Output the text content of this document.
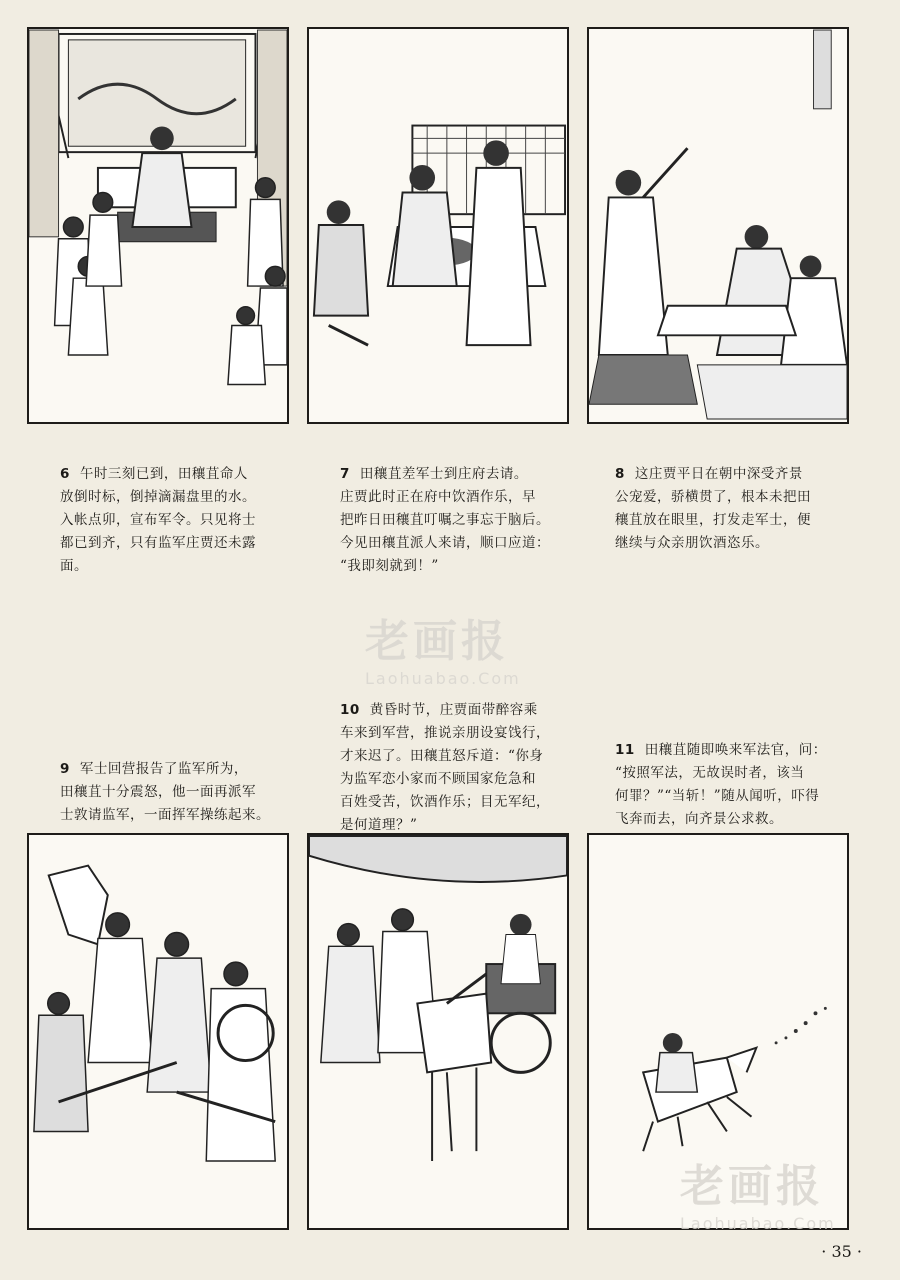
6 午时三刻已到，田穰苴命人
放倒时标，倒掉滴漏盘里的水。
入帐点卯，宣布军令。只见将士
都已到齐，只有监军庄贾还未露
面。

7 田穰苴差军士到庄府去请。
庄贾此时正在府中饮酒作乐，早
把昨日田穰苴叮嘱之事忘于脑后。
今见田穰苴派人来请，顺口应道：
“我即刻就到！”

8 这庄贾平日在朝中深受齐景
公宠爱，骄横贯了，根本未把田
穰苴放在眼里，打发走军士，便
继续与众亲朋饮酒恣乐。

9 军士回营报告了监军所为，
田穰苴十分震怒，他一面再派军
士敦请监军，一面挥军操练起来。

10 黄昏时节，庄贾面带醉容乘
车来到军营，推说亲朋设宴饯行，
才来迟了。田穰苴怒斥道：“你身
为监军恋小家而不顾国家危急和
百姓受苦，饮酒作乐；目无军纪，
是何道理？”

11 田穰苴随即唤来军法官，问：
“按照军法，无故误时者，该当
何罪？”“当斩！”随从闻听，吓得
飞奔而去，向齐景公求救。

老画报
Laohuabao.Com
老画报
Laohuabao.Com
· 35 ·
